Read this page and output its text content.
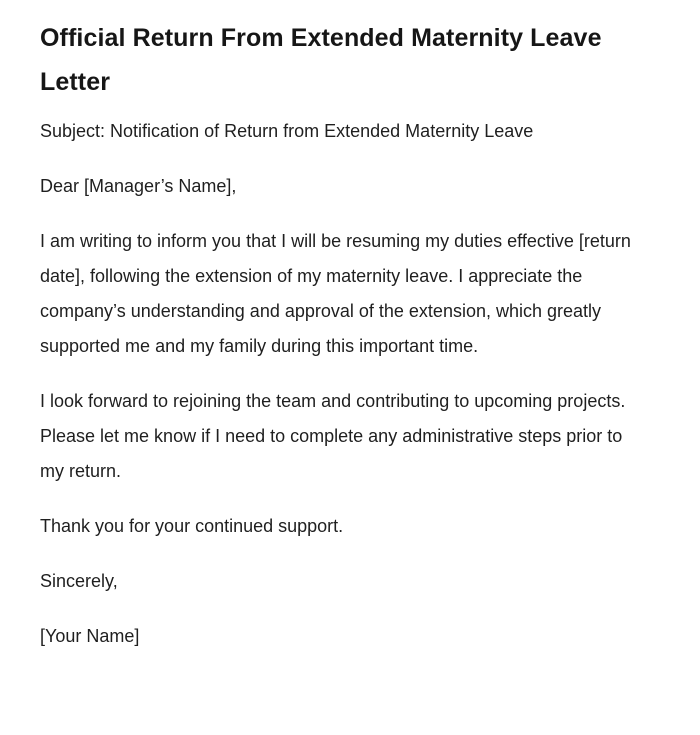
Official Return From Extended Maternity Leave Letter

Subject: Notification of Return from Extended Maternity Leave

Dear [Manager’s Name],

I am writing to inform you that I will be resuming my duties effective [return date], following the extension of my maternity leave. I appreciate the company’s understanding and approval of the extension, which greatly supported me and my family during this important time.

I look forward to rejoining the team and contributing to upcoming projects. Please let me know if I need to complete any administrative steps prior to my return.

Thank you for your continued support.

Sincerely,

[Your Name]
